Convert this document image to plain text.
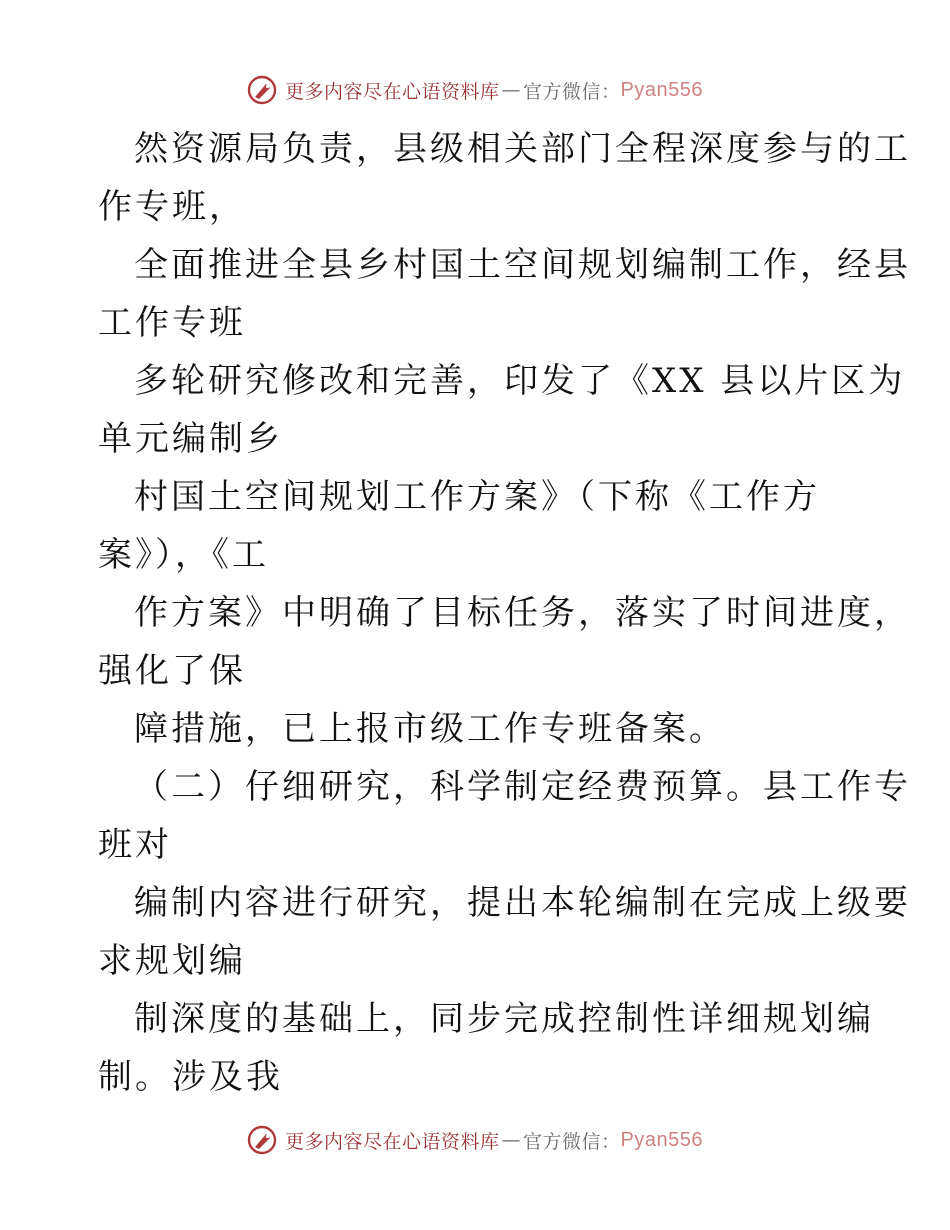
更多内容尽在心语资料库 — 官方微信： Pyan556
然资源局负责，县级相关部门全程深度参与的工
作专班，
全面推进全县乡村国土空间规划编制工作，经县
工作专班
多轮研究修改和完善，印发了《XX 县以片区为
单元编制乡
村国土空间规划工作方案》（下称《工作方
案》），《工
作方案》中明确了目标任务，落实了时间进度，
强化了保
障措施，已上报市级工作专班备案。
（二）仔细研究，科学制定经费预算。县工作专
班对
编制内容进行研究，提出本轮编制在完成上级要
求规划编
制深度的基础上，同步完成控制性详细规划编
制。涉及我
更多内容尽在心语资料库 — 官方微信： Pyan556
